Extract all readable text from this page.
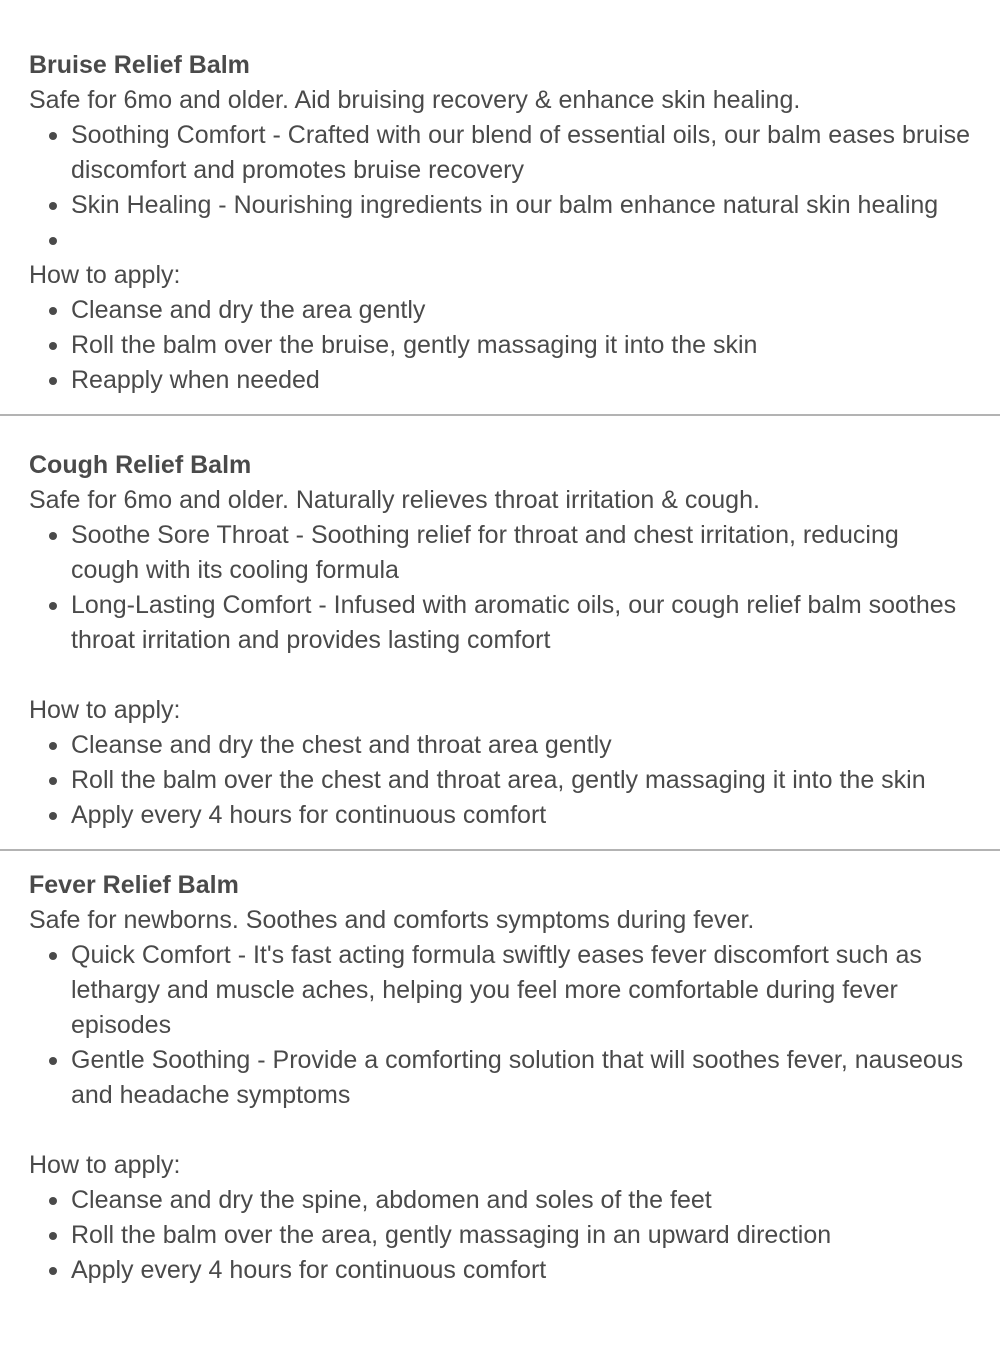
Bruise Relief Balm

Safe for 6mo and older. Aid bruising recovery & enhance skin healing.

Soothing Comfort - Crafted with our blend of essential oils, our balm eases bruise discomfort and promotes bruise recovery
Skin Healing - Nourishing ingredients in our balm enhance natural skin healing

How to apply:

Cleanse and dry the area gently
Roll the balm over the bruise, gently massaging it into the skin
Reapply when needed

Cough Relief Balm

Safe for 6mo and older. Naturally relieves throat irritation & cough.

Soothe Sore Throat - Soothing relief for throat and chest irritation, reducing cough with its cooling formula
Long-Lasting Comfort - Infused with aromatic oils, our cough relief balm soothes throat irritation and provides lasting comfort

How to apply:

Cleanse and dry the chest and throat area gently
Roll the balm over the chest and throat area, gently massaging it into the skin
Apply every 4 hours for continuous comfort

Fever Relief Balm

Safe for newborns. Soothes and comforts symptoms during fever.

Quick Comfort - It's fast acting formula swiftly eases fever discomfort such as lethargy and muscle aches, helping you feel more comfortable during fever episodes
Gentle Soothing - Provide a comforting solution that will soothes fever, nauseous and headache symptoms

How to apply:

Cleanse and dry the spine, abdomen and soles of the feet
Roll the balm over the area, gently massaging in an upward direction
Apply every 4 hours for continuous comfort
